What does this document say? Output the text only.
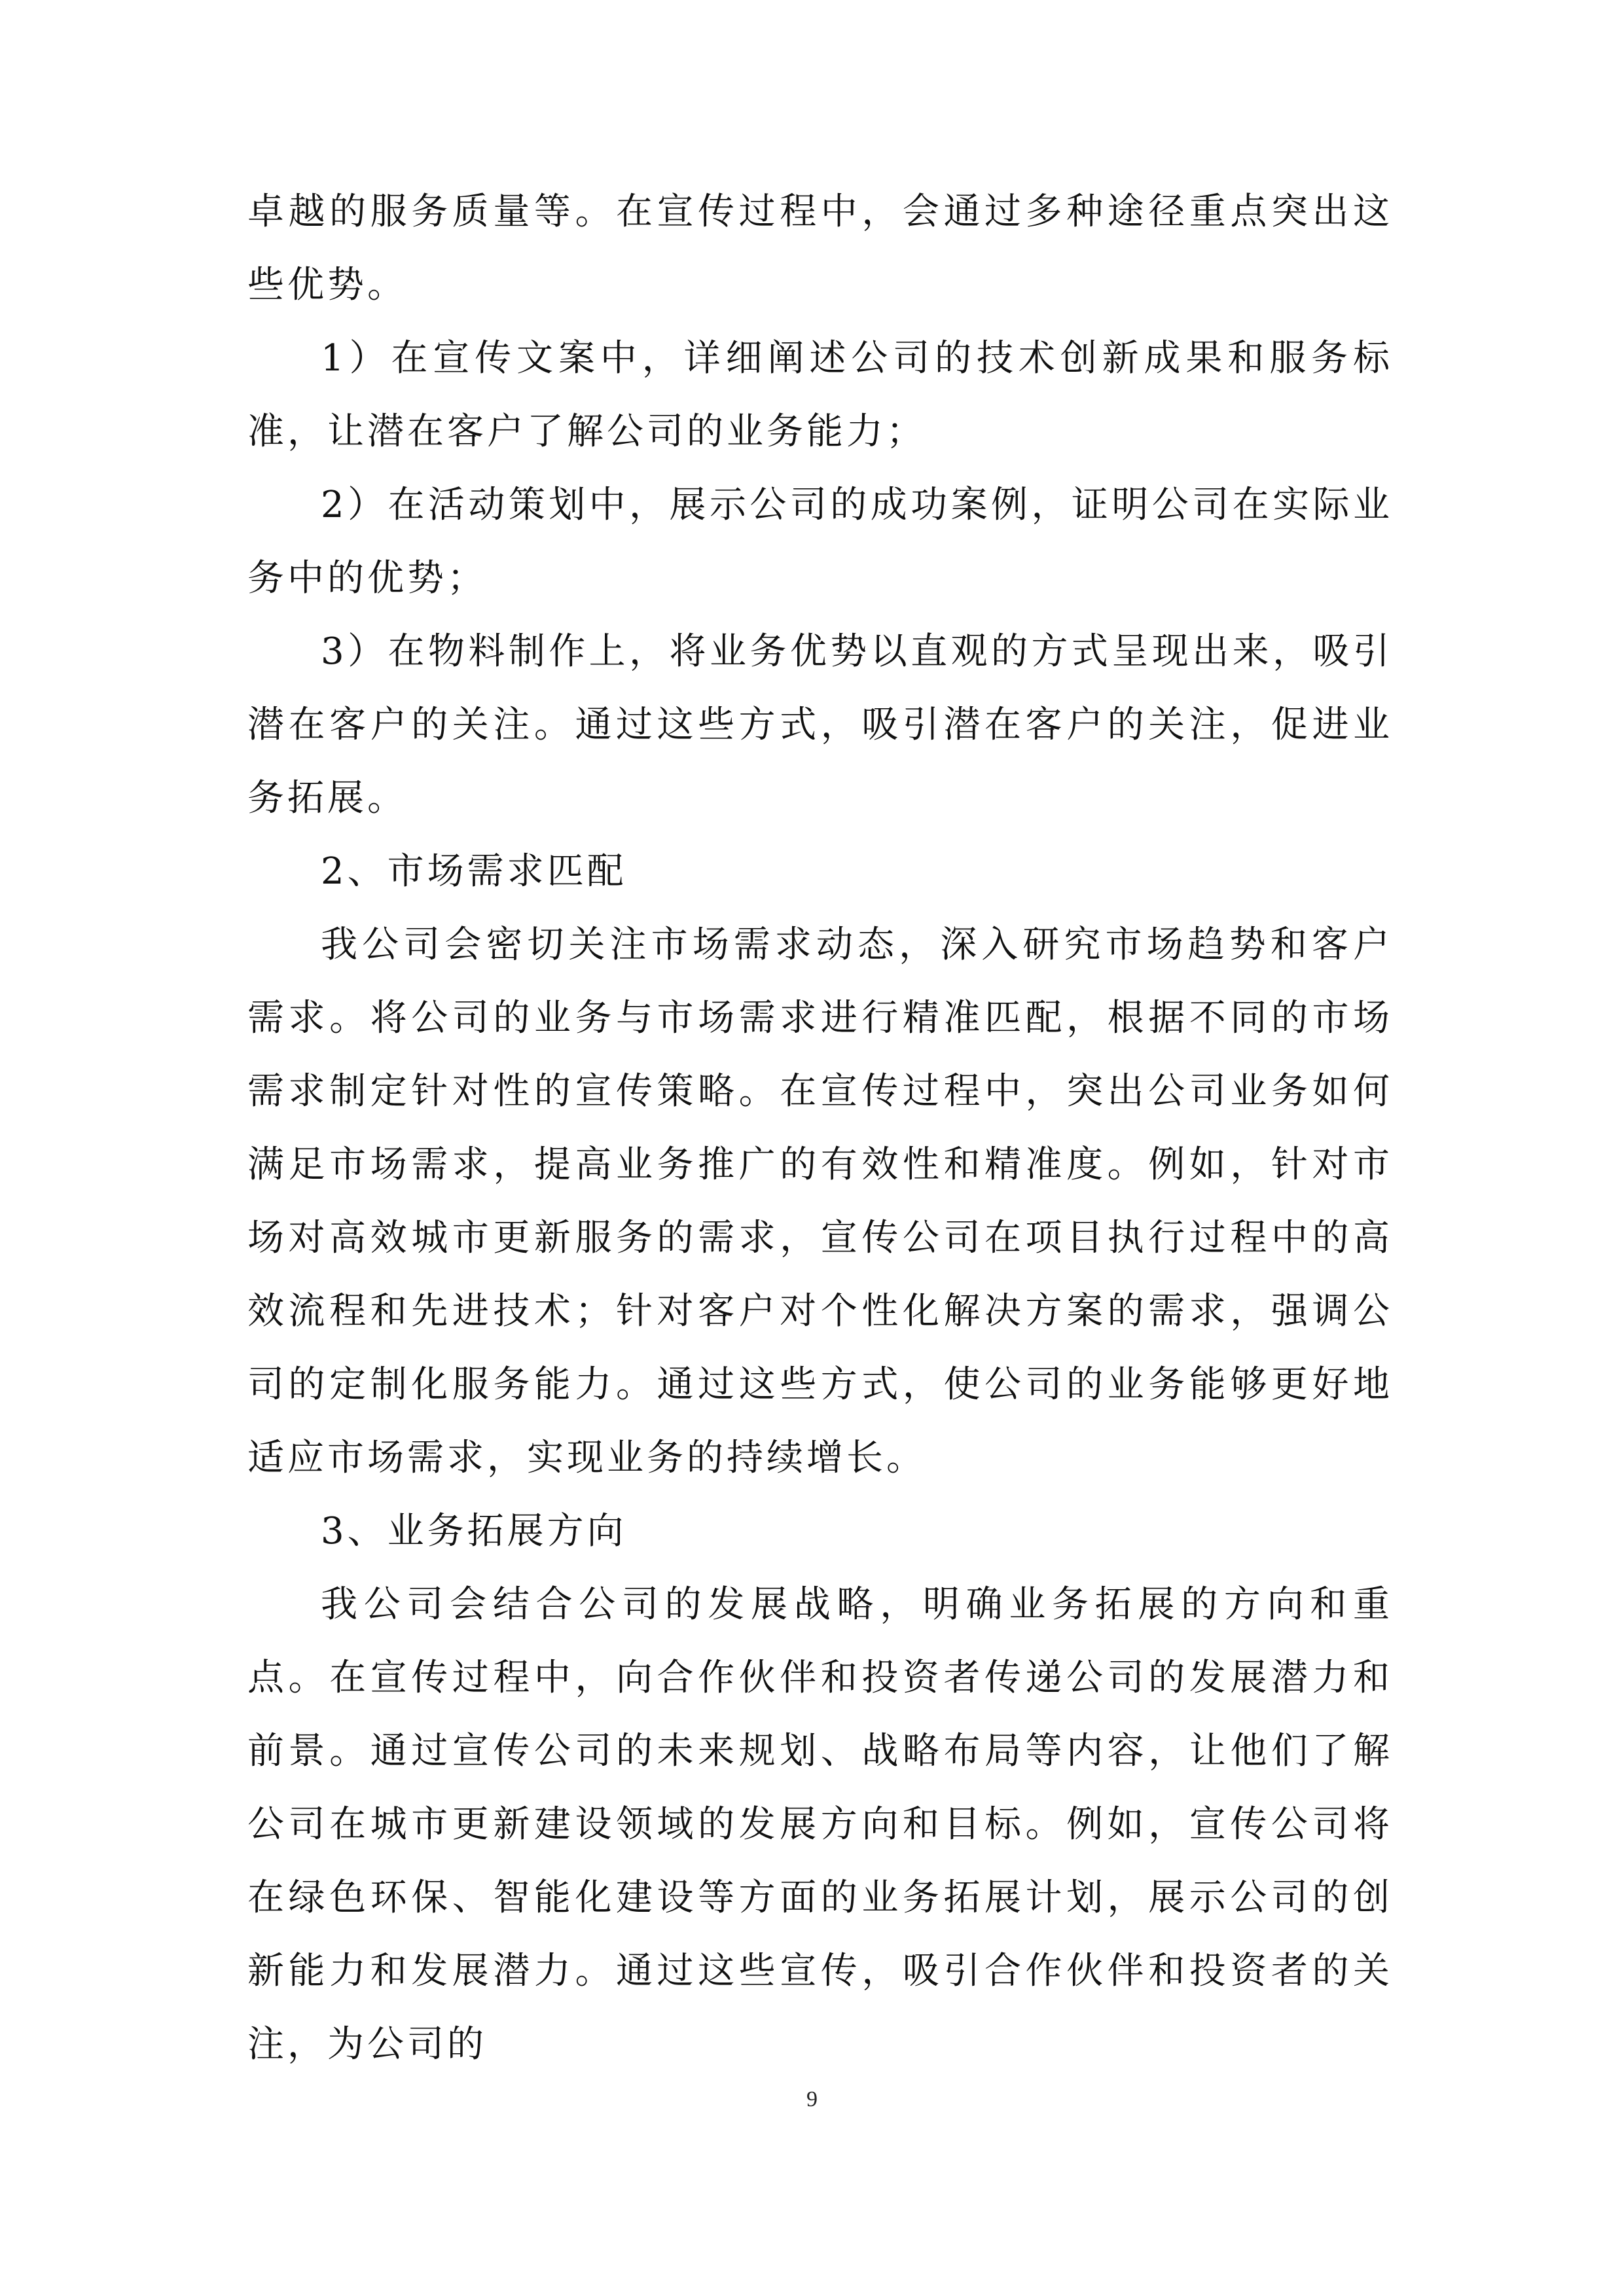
卓越的服务质量等。在宣传过程中，会通过多种途径重点突出这些优势。

1）在宣传文案中，详细阐述公司的技术创新成果和服务标准，让潜在客户了解公司的业务能力；

2）在活动策划中，展示公司的成功案例，证明公司在实际业务中的优势；

3）在物料制作上，将业务优势以直观的方式呈现出来，吸引潜在客户的关注。通过这些方式，吸引潜在客户的关注，促进业务拓展。

2、市场需求匹配

我公司会密切关注市场需求动态，深入研究市场趋势和客户需求。将公司的业务与市场需求进行精准匹配，根据不同的市场需求制定针对性的宣传策略。在宣传过程中，突出公司业务如何满足市场需求，提高业务推广的有效性和精准度。例如，针对市场对高效城市更新服务的需求，宣传公司在项目执行过程中的高效流程和先进技术；针对客户对个性化解决方案的需求，强调公司的定制化服务能力。通过这些方式，使公司的业务能够更好地适应市场需求，实现业务的持续增长。

3、业务拓展方向

我公司会结合公司的发展战略，明确业务拓展的方向和重点。在宣传过程中，向合作伙伴和投资者传递公司的发展潜力和前景。通过宣传公司的未来规划、战略布局等内容，让他们了解公司在城市更新建设领域的发展方向和目标。例如，宣传公司将在绿色环保、智能化建设等方面的业务拓展计划，展示公司的创新能力和发展潜力。通过这些宣传，吸引合作伙伴和投资者的关注，为公司的

9
